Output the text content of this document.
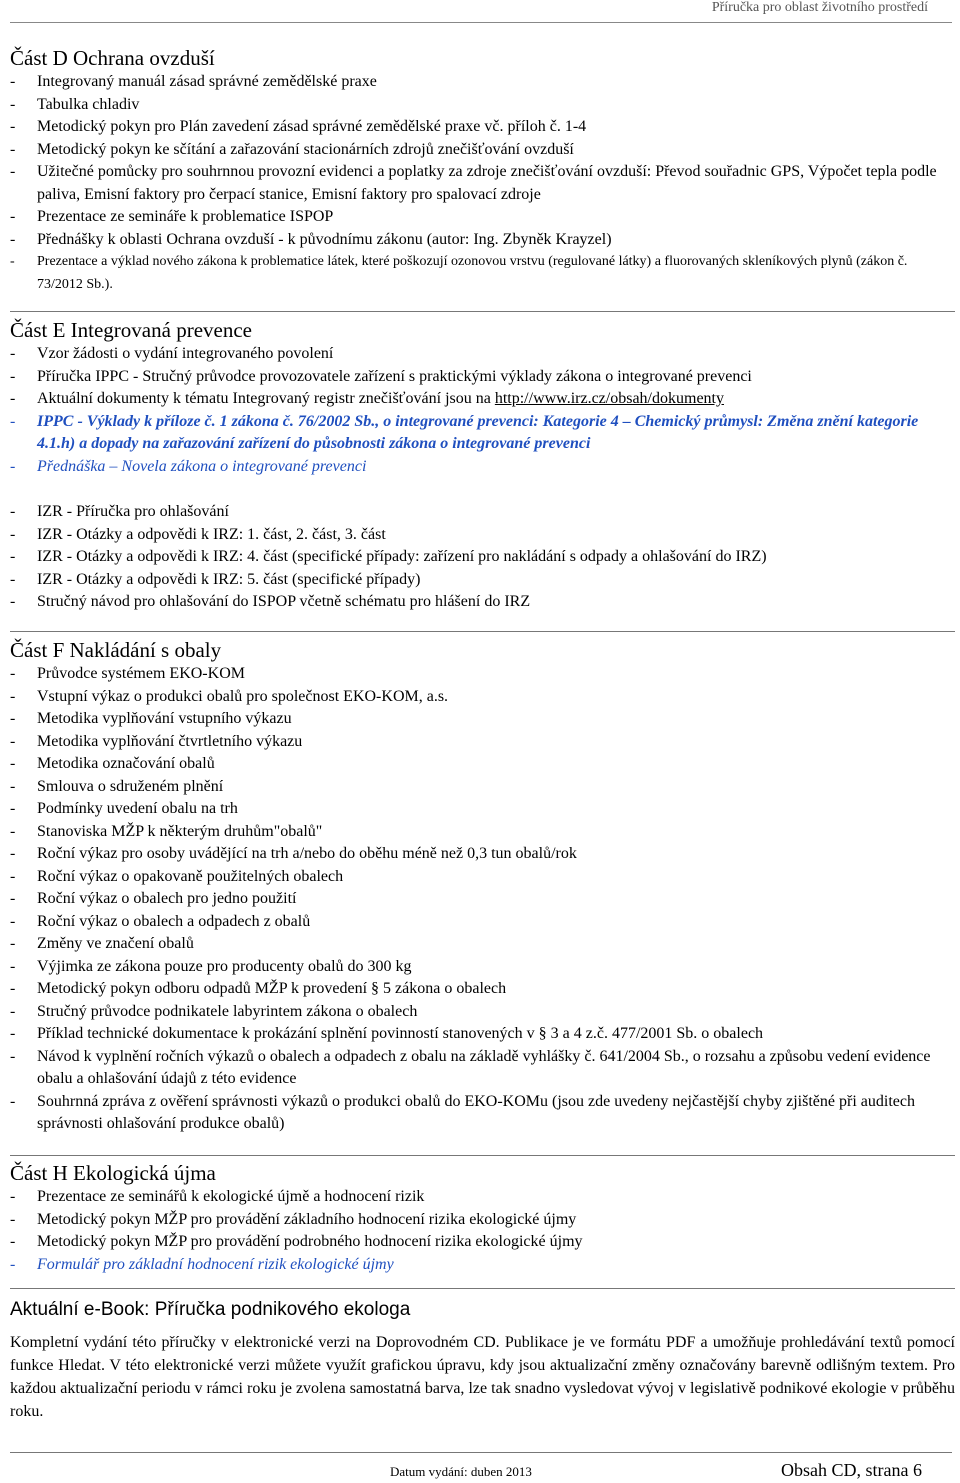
Příručka pro oblast životního prostředí
Část D Ochrana ovzduší
- Integrovaný manuál zásad správné zemědělské praxe
- Tabulka chladiv
- Metodický pokyn pro Plán zavedení zásad správné zemědělské praxe vč. příloh č. 1-4
- Metodický pokyn ke sčítání a zařazování stacionárních zdrojů znečišťování ovzduší
- Užitečné pomůcky pro souhrnnou provozní evidenci a poplatky za zdroje znečišťování ovzduší: Převod souřadnic GPS, Výpočet tepla podle paliva, Emisní faktory pro čerpací stanice, Emisní faktory pro spalovací zdroje
- Prezentace ze semináře k problematice ISPOP
- Přednášky k oblasti Ochrana ovzduší - k původnímu zákonu (autor: Ing. Zbyněk Krayzel)
- Prezentace a výklad nového zákona k problematice látek, které poškozují ozonovou vrstvu (regulované látky) a fluorovaných skleníkových plynů (zákon č. 73/2012 Sb.).
Část E Integrovaná prevence
- Vzor žádosti o vydání integrovaného povolení
- Příručka IPPC - Stručný průvodce provozovatele zařízení s praktickými výklady zákona o integrované prevenci
- Aktuální dokumenty k tématu Integrovaný registr znečišťování jsou na http://www.irz.cz/obsah/dokumenty
- IPPC - Výklady k příloze č. 1 zákona č. 76/2002 Sb., o integrované prevenci: Kategorie 4 – Chemický průmysl: Změna znění kategorie 4.1.h) a dopady na zařazování zařízení do působnosti zákona o integrované prevenci
- Přednáška – Novela zákona o integrované prevenci
- IZR - Příručka pro ohlašování
- IZR - Otázky a odpovědi k IRZ: 1. část, 2. část, 3. část
- IZR - Otázky a odpovědi k IRZ: 4. část (specifické případy: zařízení pro nakládání s odpady a ohlašování do IRZ)
- IZR - Otázky a odpovědi k IRZ: 5. část (specifické případy)
- Stručný návod pro ohlašování do ISPOP včetně schématu pro hlášení do IRZ
Část F Nakládání s obaly
- Průvodce systémem EKO-KOM
- Vstupní výkaz o produkci obalů pro společnost EKO-KOM, a.s.
- Metodika vyplňování vstupního výkazu
- Metodika vyplňování čtvrtletního výkazu
- Metodika označování obalů
- Smlouva o sdruženém plnění
- Podmínky uvedení obalu na trh
- Stanoviska MŽP k některým druhům"obalů"
- Roční výkaz pro osoby uvádějící na trh a/nebo do oběhu méně než 0,3 tun obalů/rok
- Roční výkaz o opakovaně použitelných obalech
- Roční výkaz o obalech pro jedno použití
- Roční výkaz o obalech a odpadech z obalů
- Změny ve značení obalů
- Výjimka ze zákona pouze pro producenty obalů do 300 kg
- Metodický pokyn odboru odpadů MŽP k provedení § 5 zákona o obalech
- Stručný průvodce podnikatele labyrintem zákona o obalech
- Příklad technické dokumentace k prokázání splnění povinností stanovených v § 3 a 4 z.č. 477/2001 Sb. o obalech
- Návod k vyplnění ročních výkazů o obalech a odpadech z obalu na základě vyhlášky č. 641/2004 Sb., o rozsahu a způsobu vedení evidence obalu a ohlašování údajů z této evidence
- Souhrnná zpráva z ověření správnosti výkazů o produkci obalů do EKO-KOMu (jsou zde uvedeny nejčastější chyby zjištěné při auditech správnosti ohlašování produkce obalů)
Část H Ekologická újma
- Prezentace ze seminářů k ekologické újmě a hodnocení rizik
- Metodický pokyn MŽP pro provádění základního hodnocení rizika ekologické újmy
- Metodický pokyn MŽP pro provádění podrobného hodnocení rizika ekologické újmy
- Formulář pro základní hodnocení rizik ekologické újmy
Aktuální e-Book: Příručka podnikového ekologa
Kompletní vydání této příručky v elektronické verzi na Doprovodném CD. Publikace je ve formátu PDF a umožňuje prohledávání textů pomocí funkce Hledat. V této elektronické verzi můžete využít grafickou úpravu, kdy jsou aktualizační změny označovány barevně odlišným textem. Pro každou aktualizační periodu v rámci roku je zvolena samostatná barva, lze tak snadno vysledovat vývoj v legislativě podnikové ekologie v průběhu roku.
Datum vydání: duben 2013	Obsah CD, strana 6
